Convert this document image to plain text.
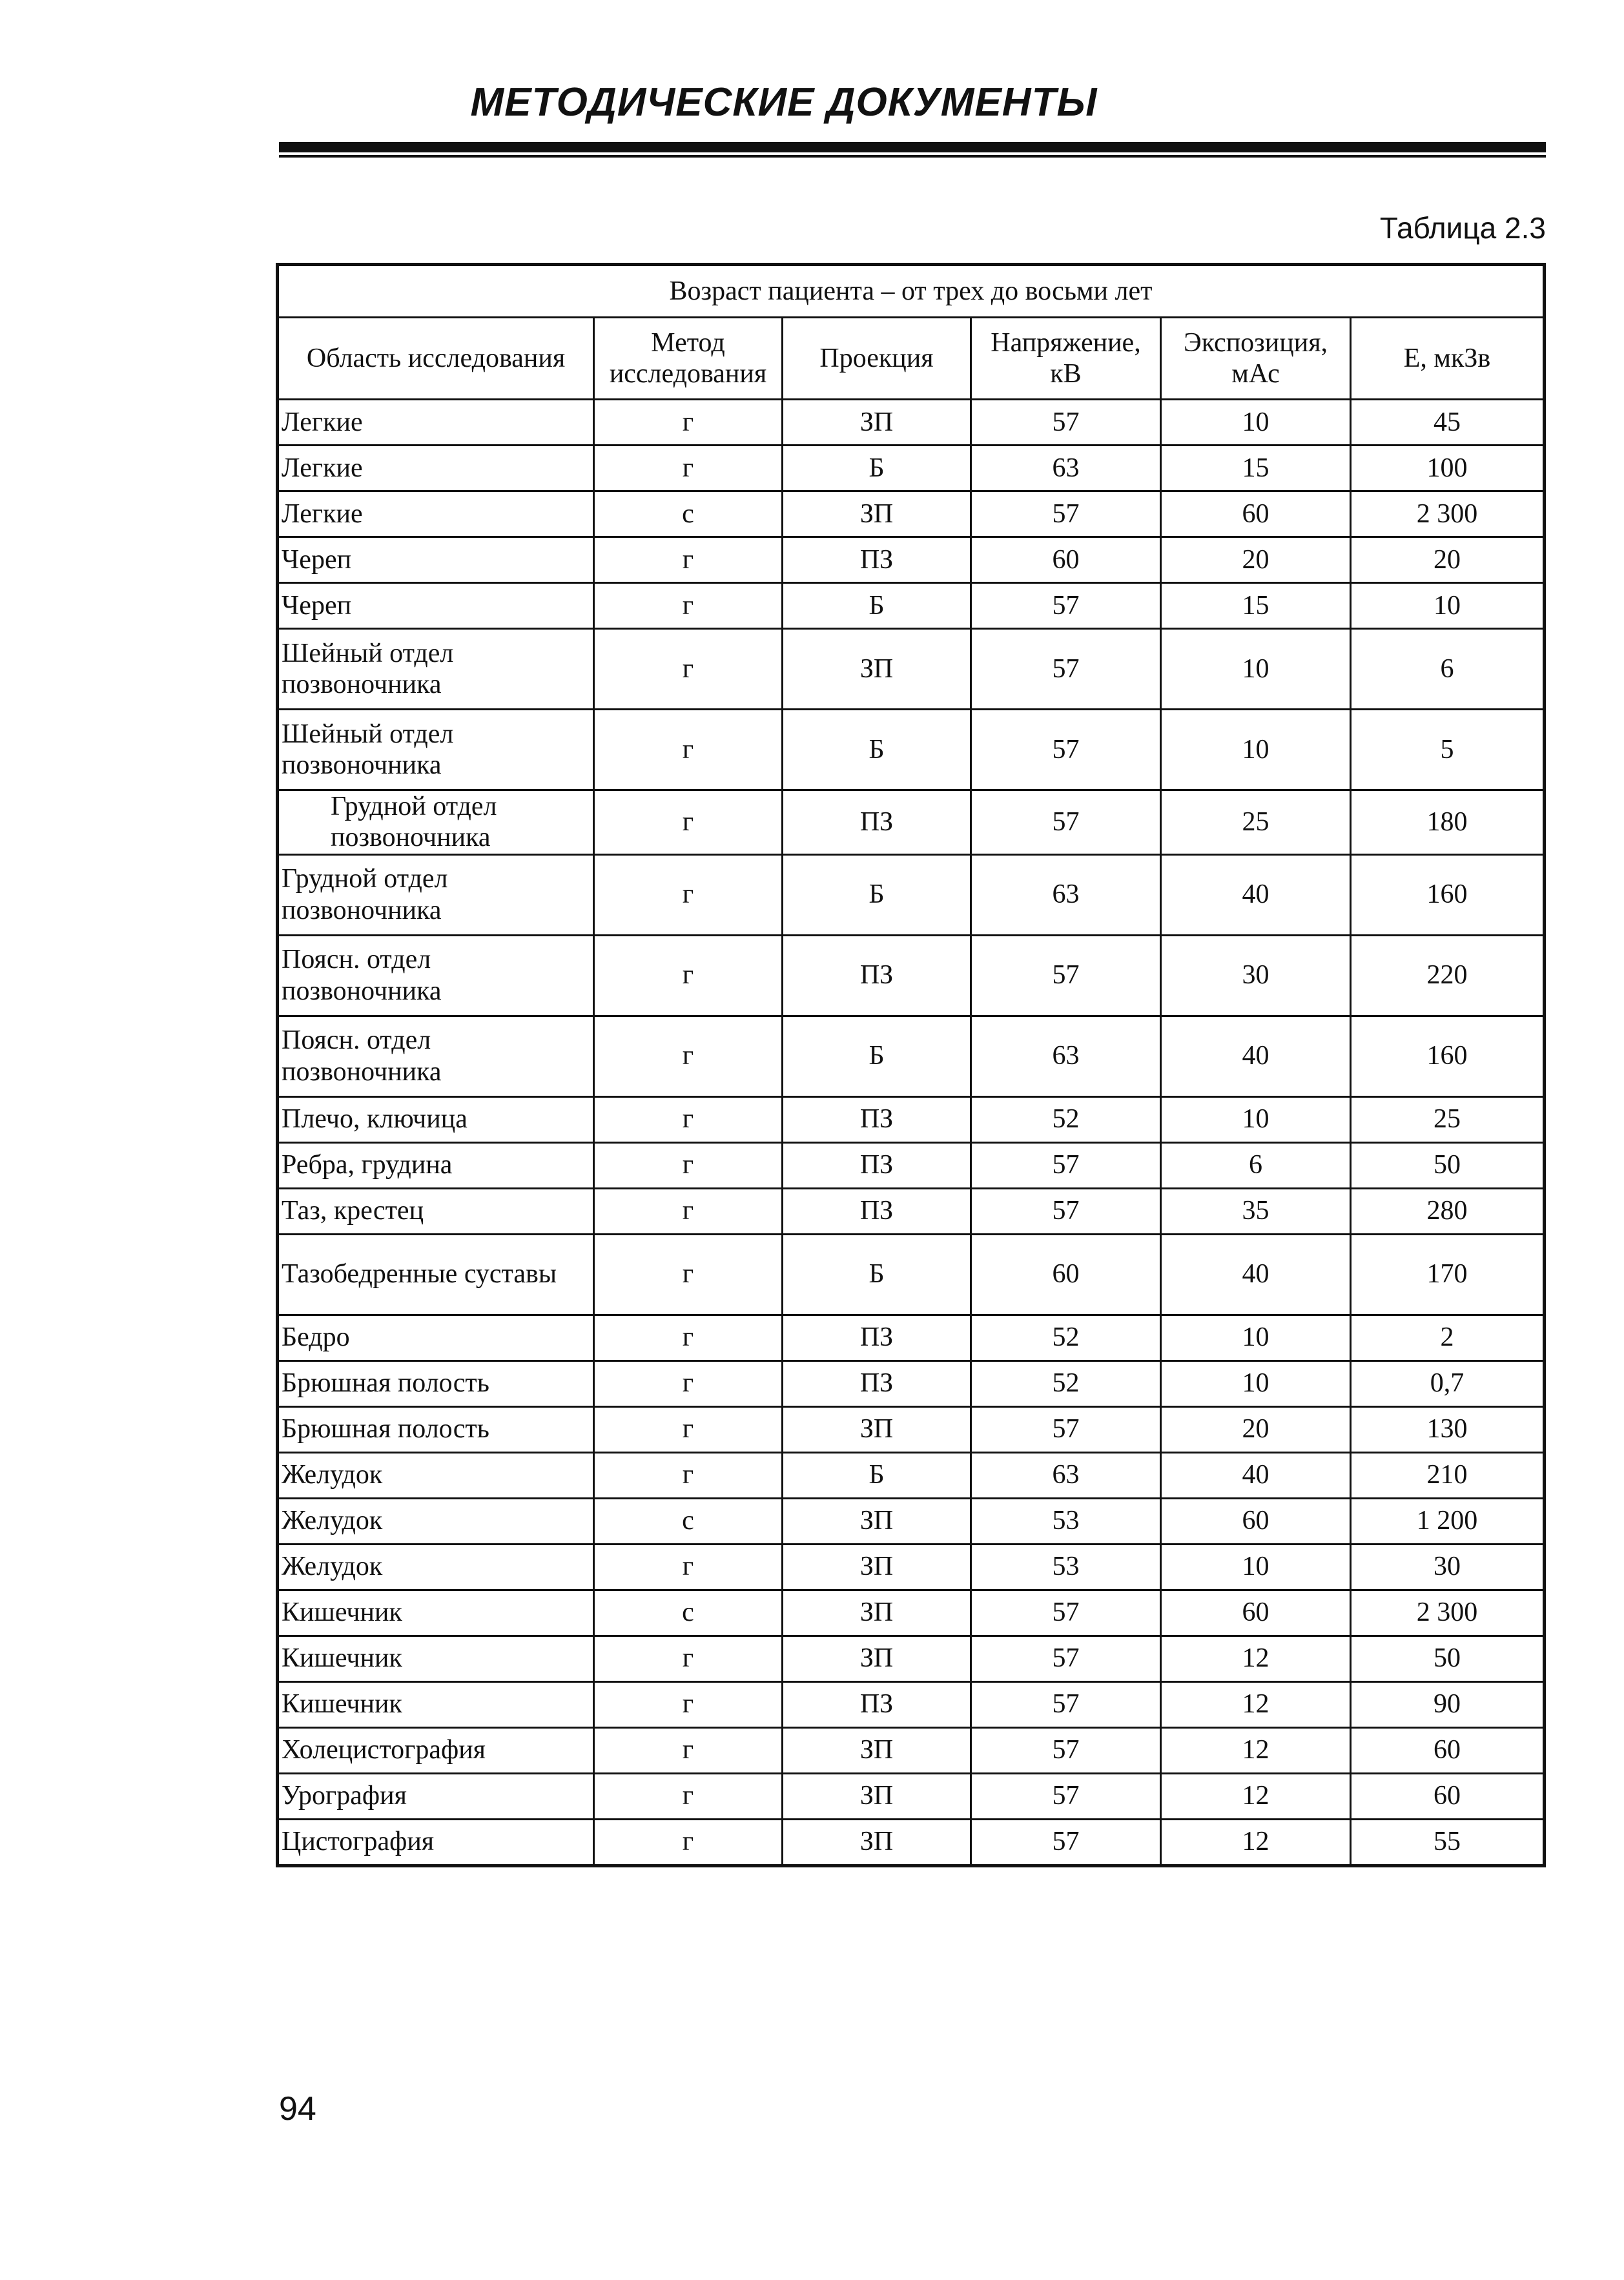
МЕТОДИЧЕСКИЕ ДОКУМЕНТЫ
Таблица 2.3
Возраст пациента – от трех до восьми лет					
Область исследования	Метод исследования	Проекция	Напряжение, кВ	Экспозиция, мАс	E, мкЗв
Легкие	г	ЗП	57	10	45
Легкие	г	Б	63	15	100
Легкие	с	ЗП	57	60	2 300
Череп	г	ПЗ	60	20	20
Череп	г	Б	57	15	10
Шейный отдел позвоночника	г	ЗП	57	10	6
Шейный отдел позвоночника	г	Б	57	10	5
Грудной отдел позвоночника	г	ПЗ	57	25	180
Грудной отдел позвоночника	г	Б	63	40	160
Поясн. отдел позвоночника	г	ПЗ	57	30	220
Поясн. отдел позвоночника	г	Б	63	40	160
Плечо, ключица	г	ПЗ	52	10	25
Ребра, грудина	г	ПЗ	57	6	50
Таз, крестец	г	ПЗ	57	35	280
Тазобедренные суставы	г	Б	60	40	170
Бедро	г	ПЗ	52	10	2
Брюшная полость	г	ПЗ	52	10	0,7
Брюшная полость	г	ЗП	57	20	130
Желудок	г	Б	63	40	210
Желудок	с	ЗП	53	60	1 200
Желудок	г	ЗП	53	10	30
Кишечник	с	ЗП	57	60	2 300
Кишечник	г	ЗП	57	12	50
Кишечник	г	ПЗ	57	12	90
Холецистография	г	ЗП	57	12	60
Урография	г	ЗП	57	12	60
Цистография	г	ЗП	57	12	55
94
